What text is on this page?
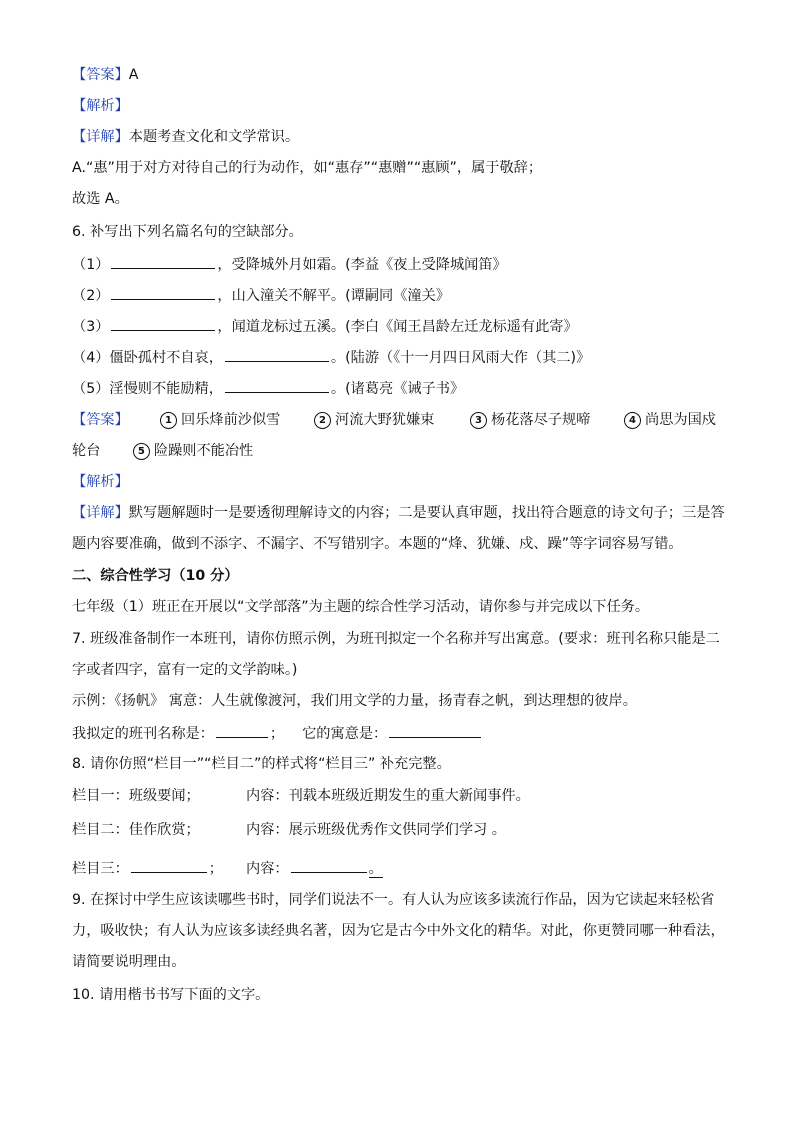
【答案】A
【解析】
【详解】本题考查文化和文学常识。
A.“惠”用于对方对待自己的行为动作，如“惠存”“惠赠”“惠顾”，属于敬辞；
故选 A。
6. 补写出下列名篇名句的空缺部分。
（1）	，受降城外月如霜。(李益《夜上受降城闻笛》
（2）	，山入潼关不解平。(谭嗣同《潼关》
（3）	，闻道龙标过五溪。(李白《闻王昌龄左迁龙标遥有此寄》
（4）僵卧孤村不自哀，	。(陆游（《十一月四日风雨大作（其二)》
（5）淫慢则不能励精，	。(诸葛亮《诫子书》
【答案】	1 回乐烽前沙似雪	2 河流大野犹嫌束	3 杨花落尽子规啼	4 尚思为国戍
轮台	5 险躁则不能冶性
【解析】
【详解】默写题解题时一是要透彻理解诗文的内容；二是要认真审题，找出符合题意的诗文句子；三是答
题内容要准确，做到不添字、不漏字、不写错别字。本题的“烽、犹嫌、戍、躁”等字词容易写错。
二、综合性学习（10 分）
七年级（1）班正在开展以“文学部落”为主题的综合性学习活动，请你参与并完成以下任务。
7. 班级准备制作一本班刊，请你仿照示例，为班刊拟定一个名称并写出寓意。(要求：班刊名称只能是二
字或者四字，富有一定的文学韵味。)
示例：《扬帆》 寓意：人生就像渡河，我们用文学的力量，扬青春之帆，到达理想的彼岸。
我拟定的班刊名称是：	； 它的寓意是：
8. 请你仿照“栏目一”“栏目二”的样式将“栏目三” 补充完整。
栏目一：班级要闻；	内容：刊载本班级近期发生的重大新闻事件。
栏目二：佳作欣赏；	内容：展示班级优秀作文供同学们学习 。
栏目三：	； 内容：	。
9. 在探讨中学生应该读哪些书时，同学们说法不一。有人认为应该多读流行作品，因为它读起来轻松省
力，吸收快；有人认为应该多读经典名著，因为它是古今中外文化的精华。对此，你更赞同哪一种看法，
请简要说明理由。
10. 请用楷书书写下面的文字。
